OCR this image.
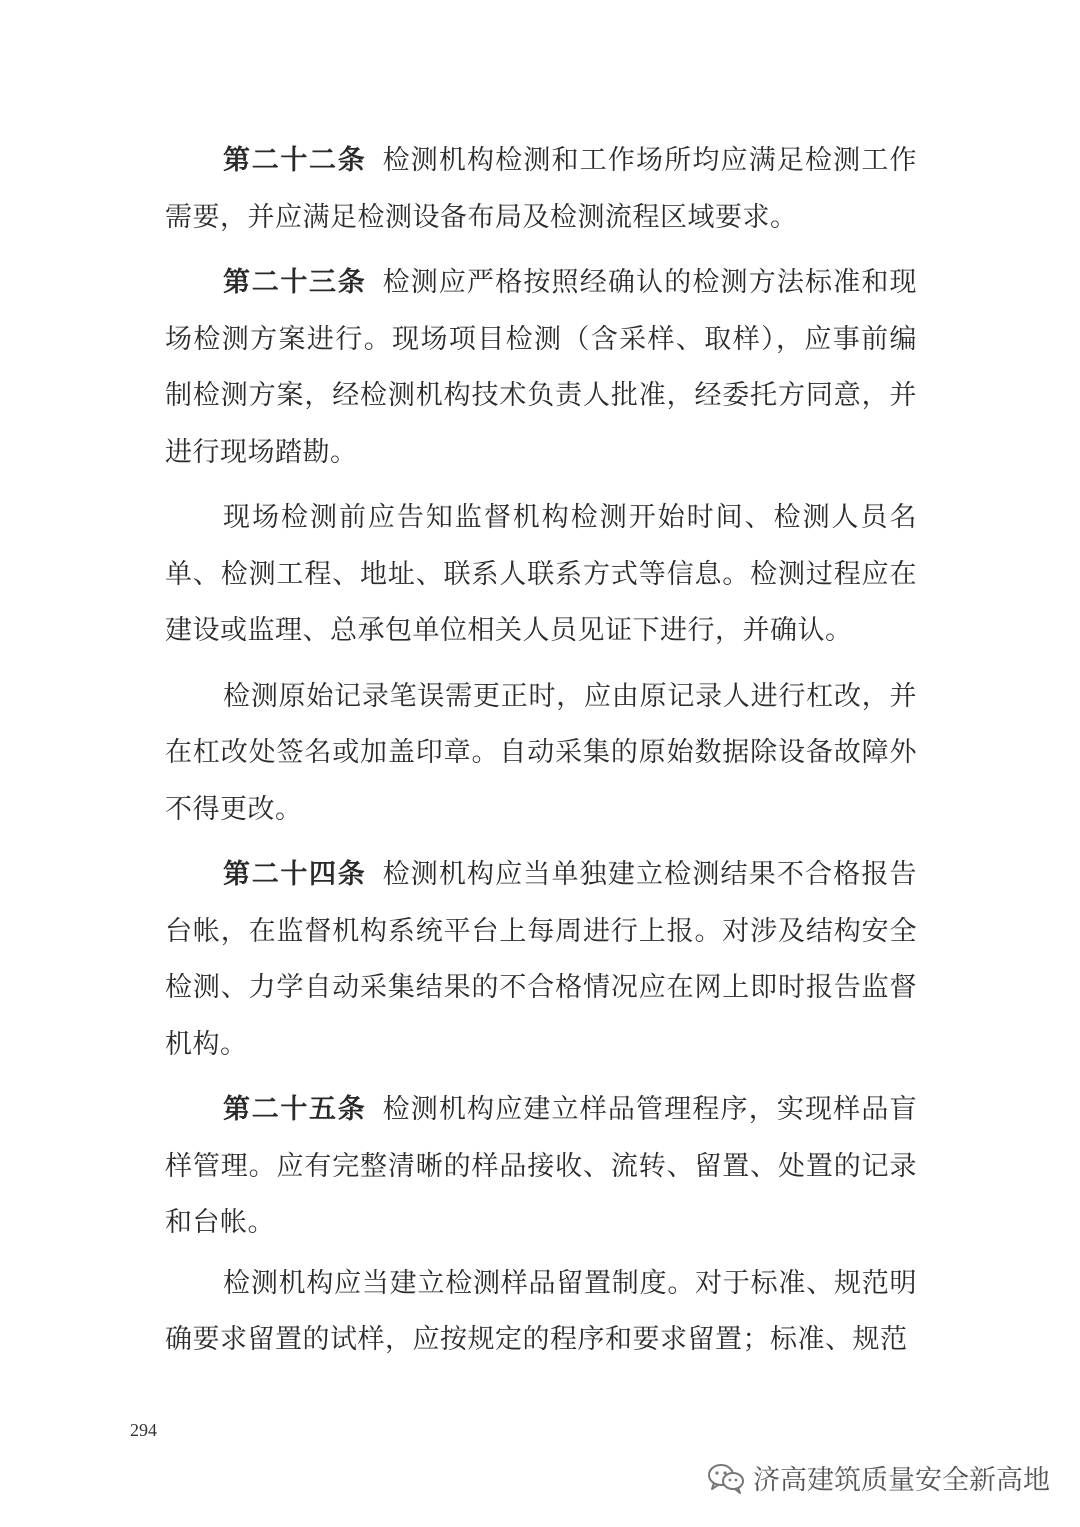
第二十二条 检测机构检测和工作场所均应满足检测工作需要，并应满足检测设备布局及检测流程区域要求。

第二十三条 检测应严格按照经确认的检测方法标准和现场检测方案进行。现场项目检测（含采样、取样），应事前编制检测方案，经检测机构技术负责人批准，经委托方同意，并进行现场踏勘。

现场检测前应告知监督机构检测开始时间、检测人员名单、检测工程、地址、联系人联系方式等信息。检测过程应在建设或监理、总承包单位相关人员见证下进行，并确认。

检测原始记录笔误需更正时，应由原记录人进行杠改，并在杠改处签名或加盖印章。自动采集的原始数据除设备故障外不得更改。

第二十四条 检测机构应当单独建立检测结果不合格报告台帐，在监督机构系统平台上每周进行上报。对涉及结构安全检测、力学自动采集结果的不合格情况应在网上即时报告监督机构。

第二十五条 检测机构应建立样品管理程序，实现样品盲样管理。应有完整清晰的样品接收、流转、留置、处置的记录和台帐。

检测机构应当建立检测样品留置制度。对于标准、规范明确要求留置的试样，应按规定的程序和要求留置；标准、规范

294
济高建筑质量安全新高地
